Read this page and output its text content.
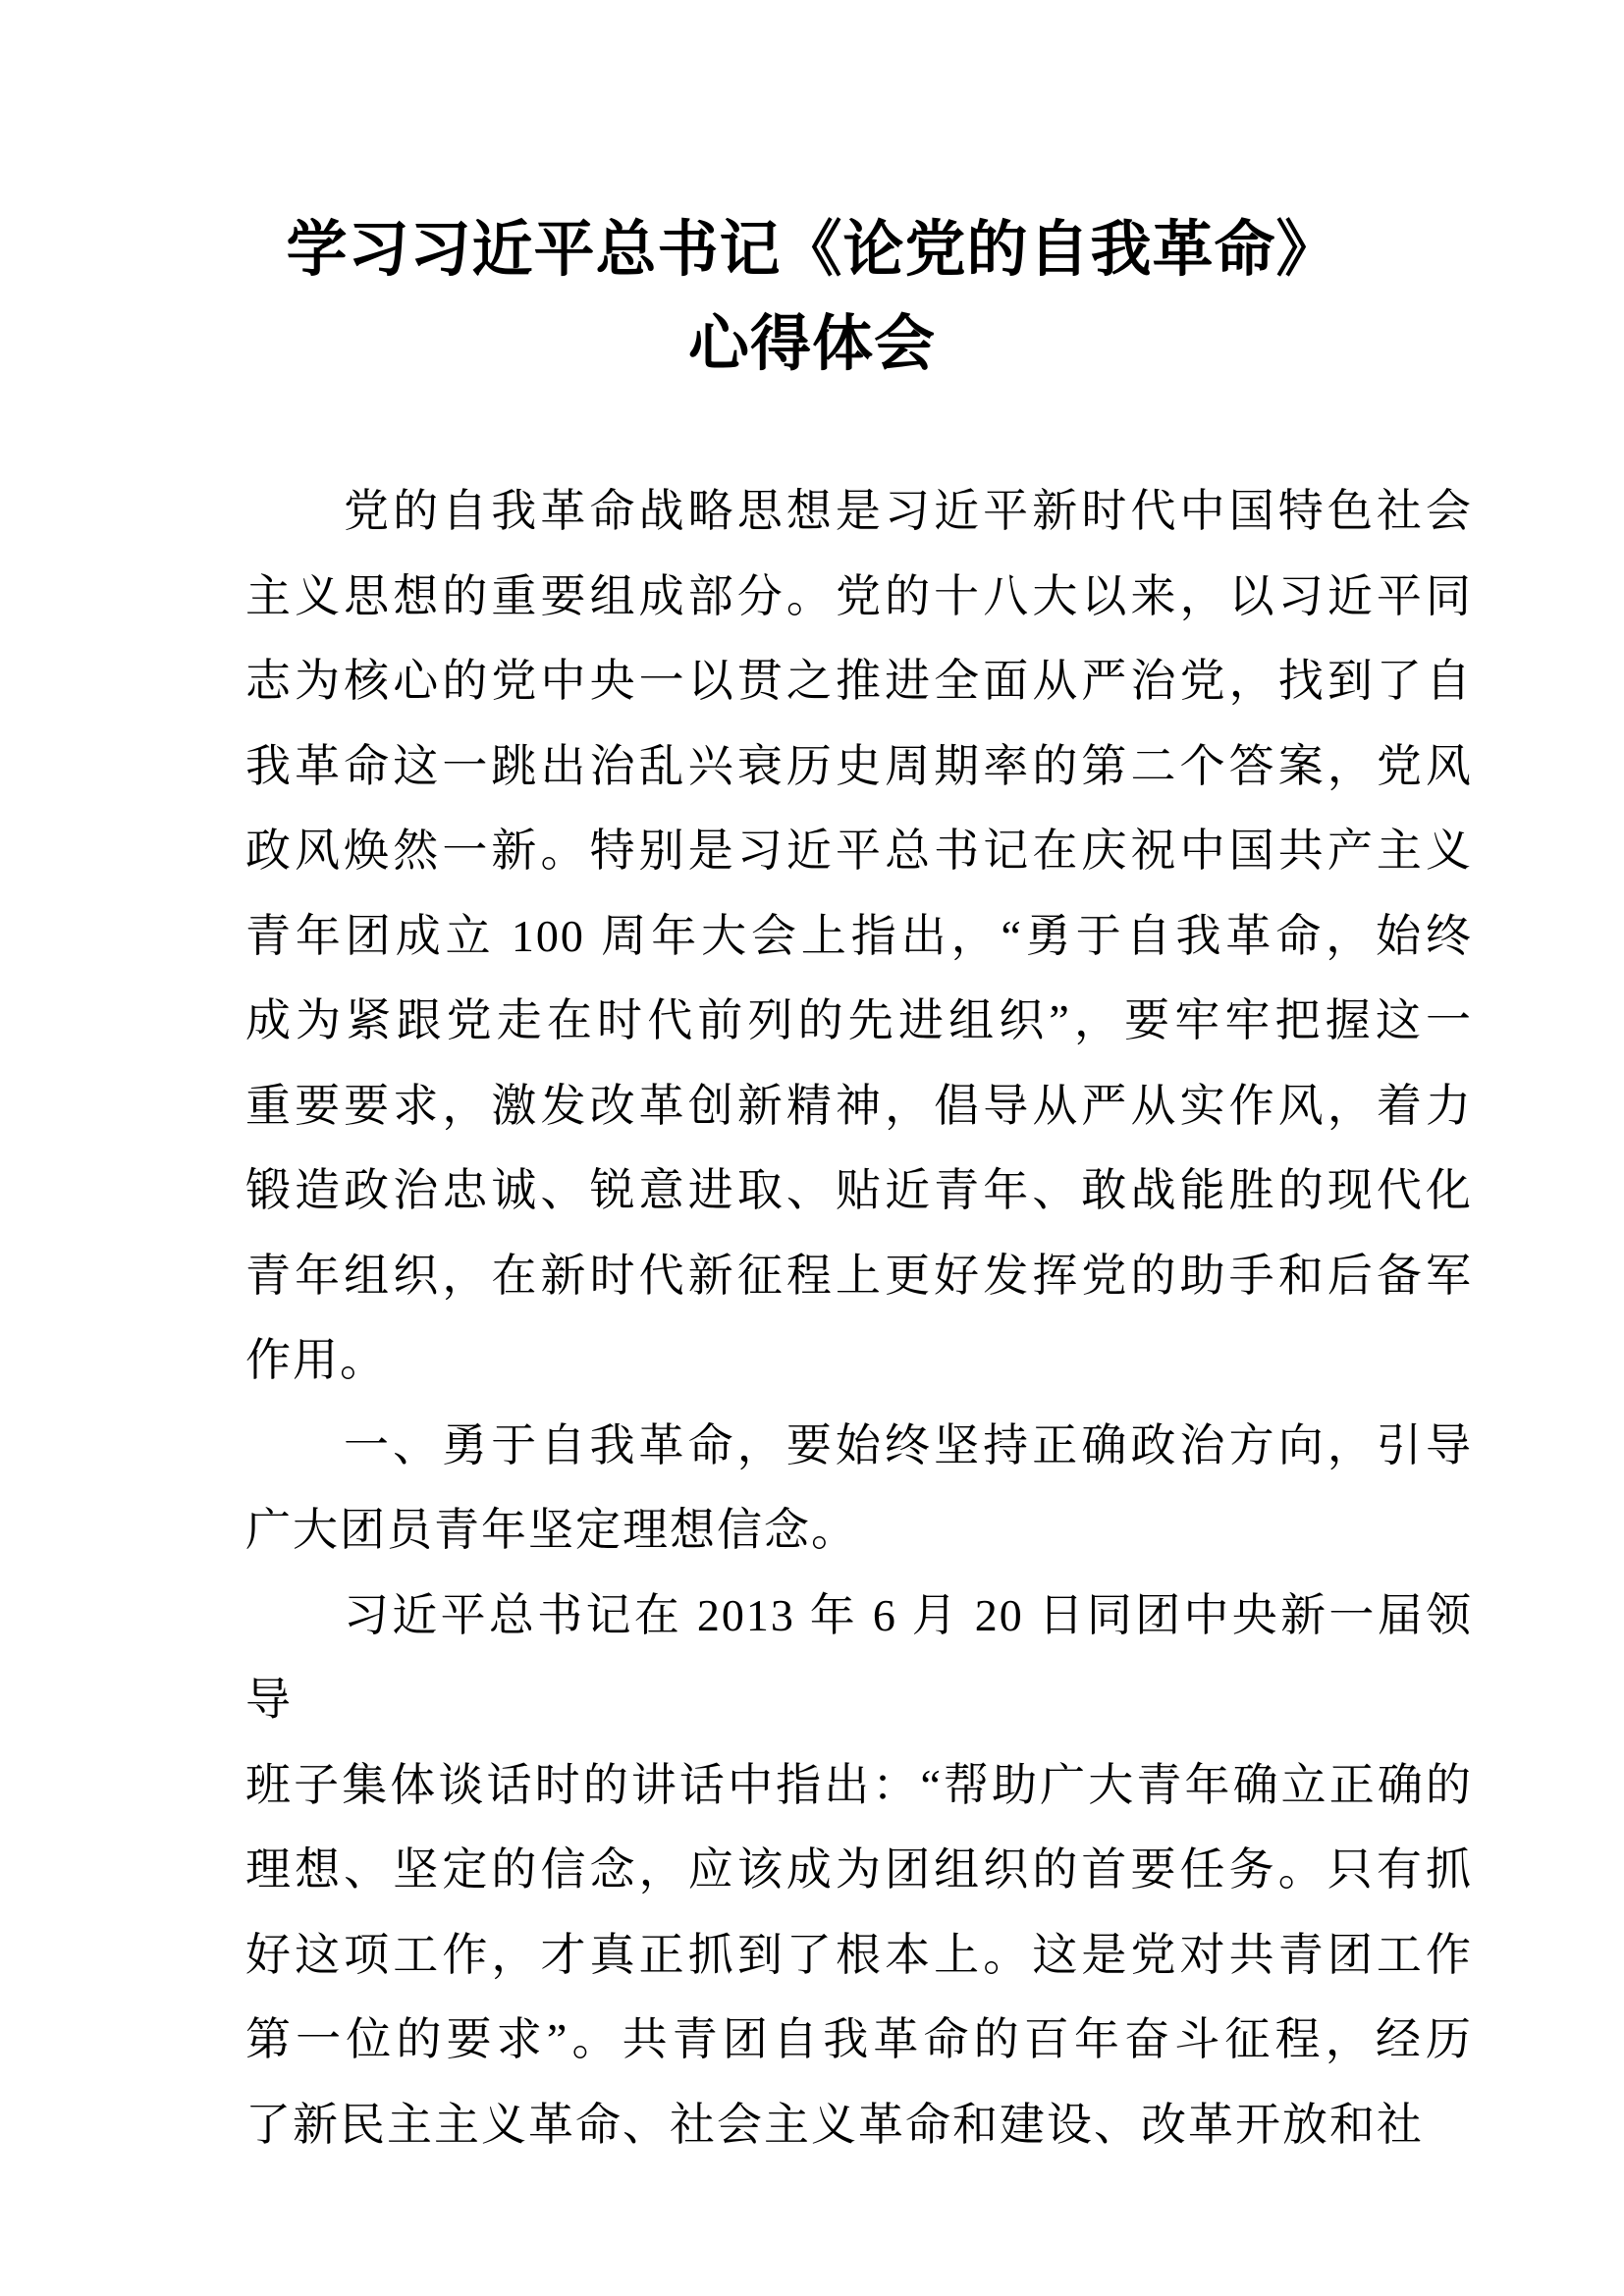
学习习近平总书记《论党的自我革命》
心得体会
党的自我革命战略思想是习近平新时代中国特色社会
主义思想的重要组成部分。党的十八大以来，以习近平同
志为核心的党中央一以贯之推进全面从严治党，找到了自
我革命这一跳出治乱兴衰历史周期率的第二个答案，党风
政风焕然一新。特别是习近平总书记在庆祝中国共产主义
青年团成立 100 周年大会上指出，“勇于自我革命，始终
成为紧跟党走在时代前列的先进组织”，要牢牢把握这一
重要要求，激发改革创新精神，倡导从严从实作风，着力
锻造政治忠诚、锐意进取、贴近青年、敢战能胜的现代化
青年组织，在新时代新征程上更好发挥党的助手和后备军
作用。
一、勇于自我革命，要始终坚持正确政治方向，引导
广大团员青年坚定理想信念。
习近平总书记在 2013 年 6 月 20 日同团中央新一届领导
班子集体谈话时的讲话中指出：“帮助广大青年确立正确的
理想、坚定的信念，应该成为团组织的首要任务。只有抓
好这项工作，才真正抓到了根本上。这是党对共青团工作
第一位的要求”。共青团自我革命的百年奋斗征程，经历
了新民主主义革命、社会主义革命和建设、改革开放和社
